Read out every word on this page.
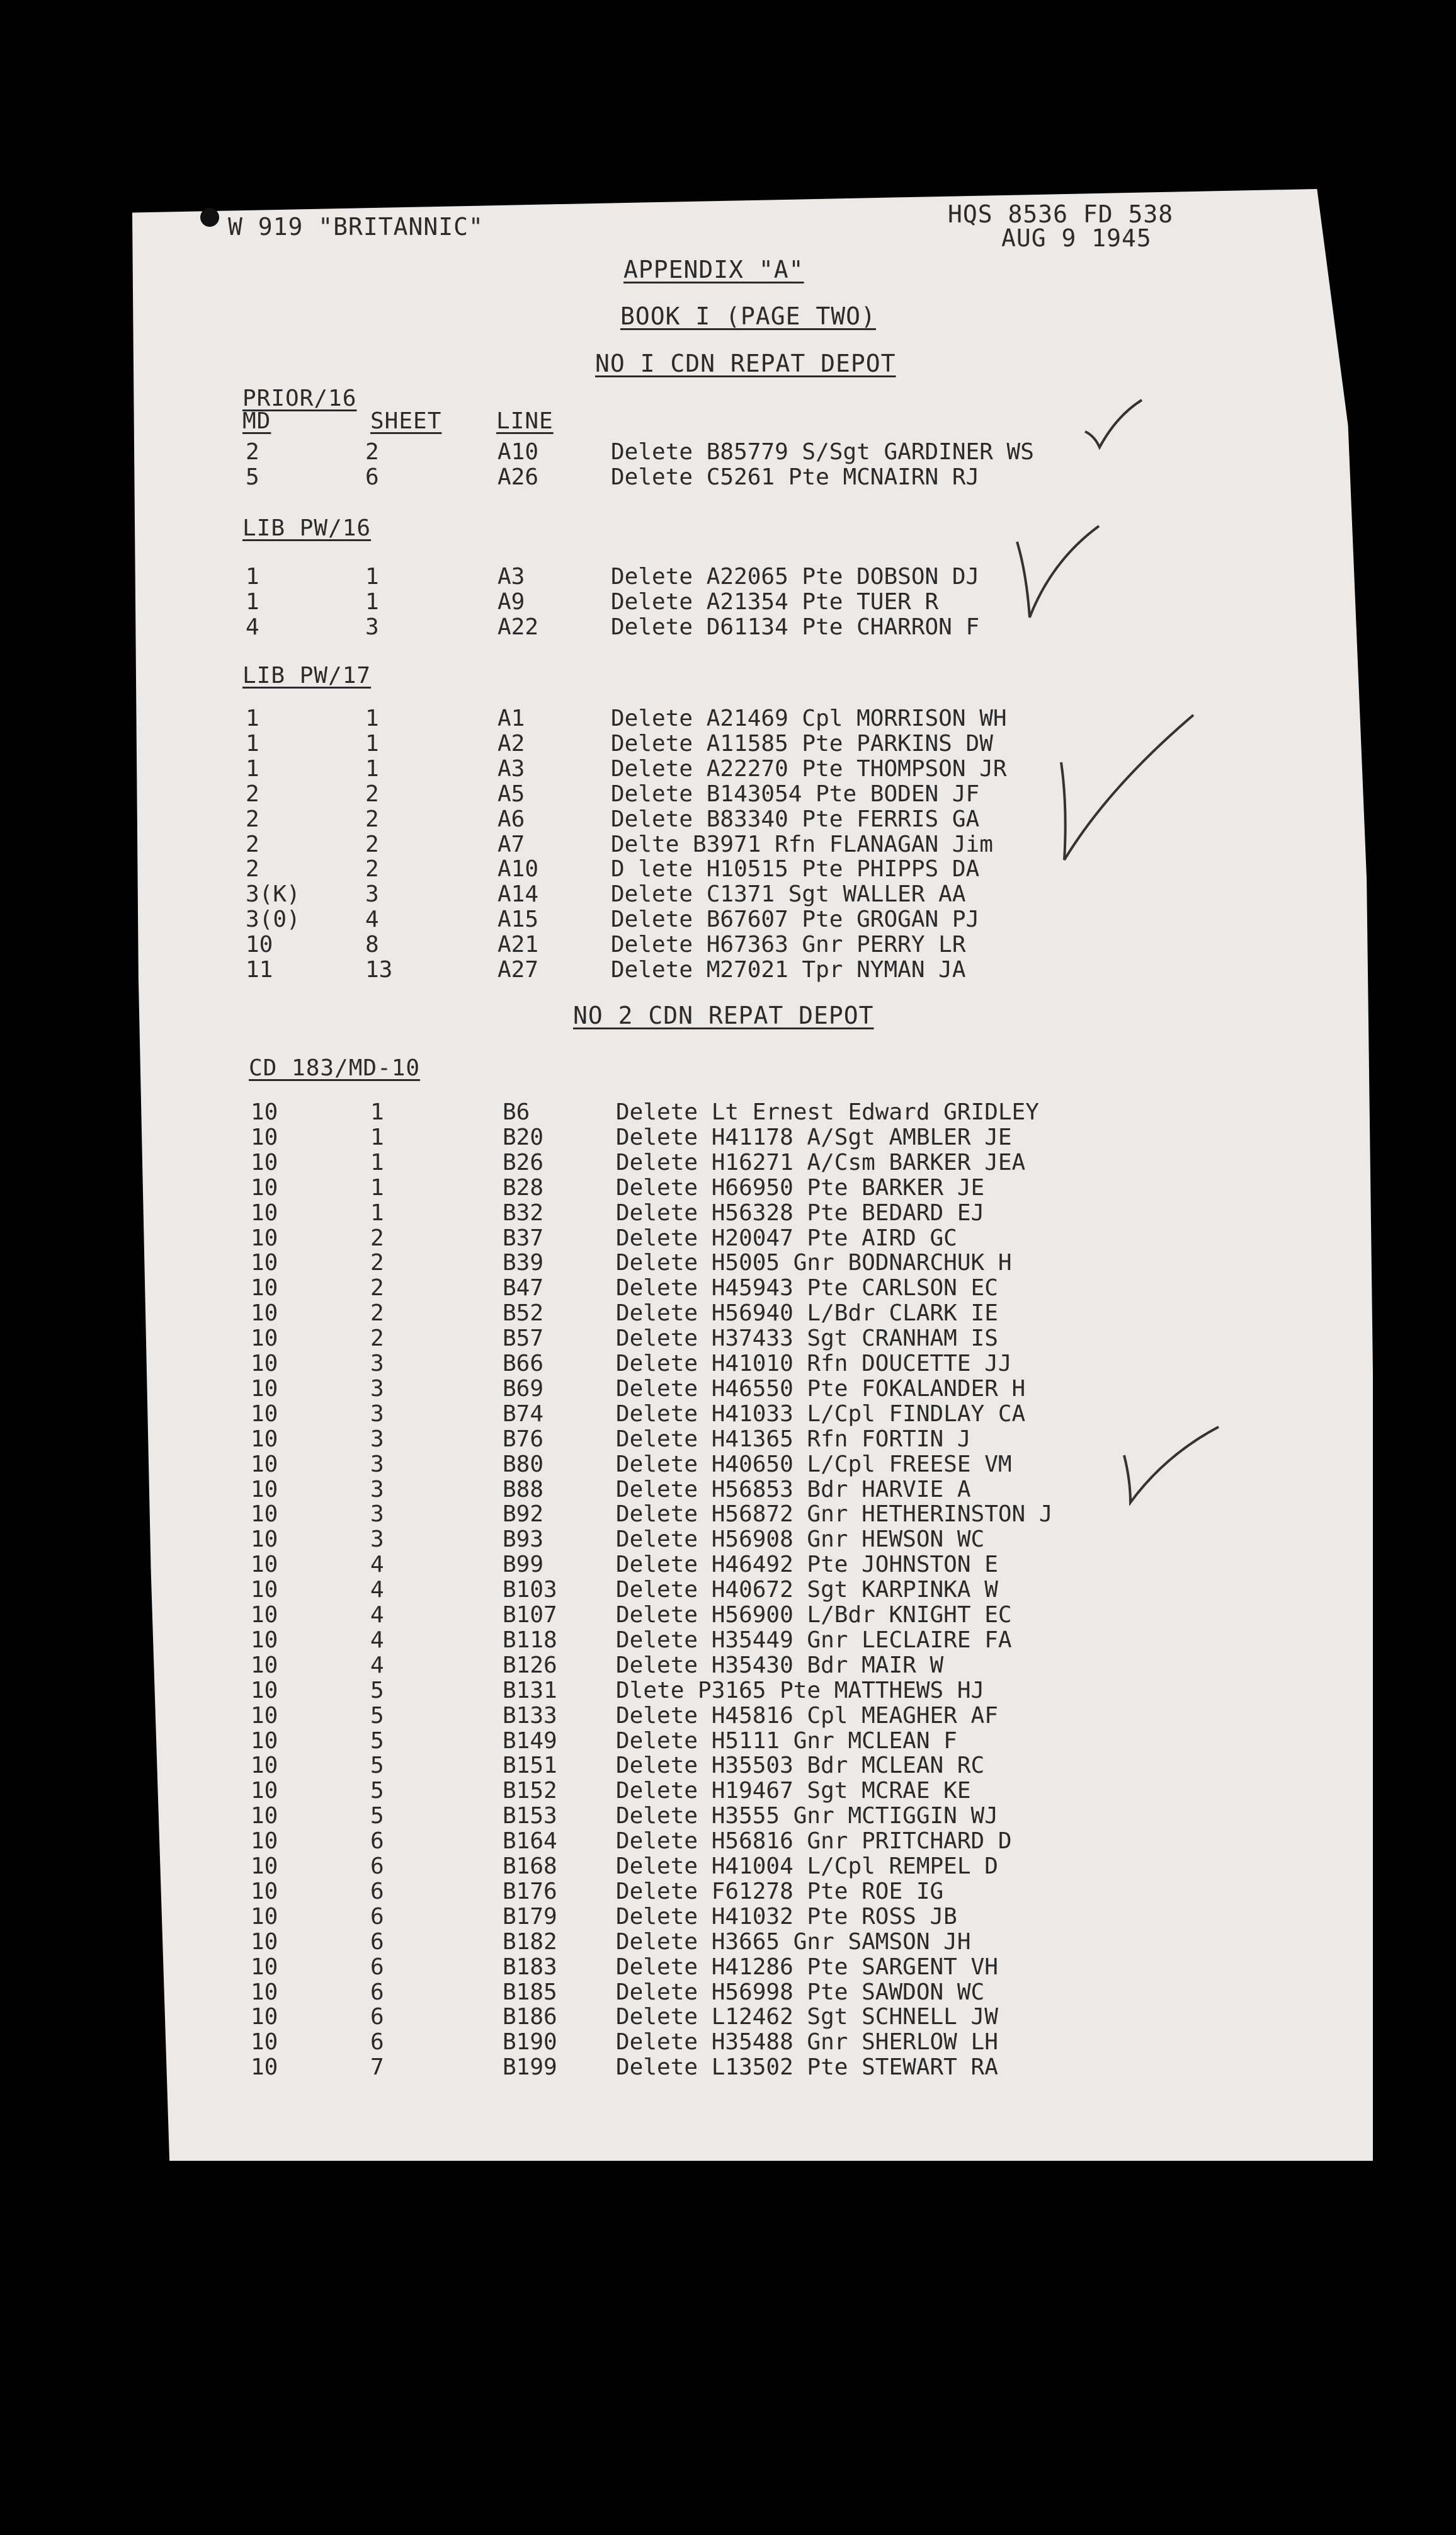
W 919 "BRITANNIC"	HQS 8536 FD 538
AUG 9 1945
APPENDIX "A"
BOOK I (PAGE TWO)
NO I CDN REPAT DEPOT
PRIOR/16
MD	SHEET LINE
2	2	A10	Delete B85779 S/Sgt GARDINER WS
5	6	A26	Delete C5261 Pte MCNAIRN RJ
LIB PW/16
1	1	A3	Delete A22065 Pte DOBSON DJ
1	1	A9	Delete A21354 Pte TUER R
4	3	A22	Delete D61134 Pte CHARRON F
LIB PW/17
1	1	A1	Delete A21469 Cpl MORRISON WH
1	1	A2	Delete A11585 Pte PARKINS DW
1	1	A3	Delete A22270 Pte THOMPSON JR
2	2	A5	Delete B143054 Pte BODEN JF
2	2	A6	Delete B83340 Pte FERRIS GA
2	2	A7	Delte B3971 Rfn FLANAGAN Jim
2	2	A10	D lete H10515 Pte PHIPPS DA
3(K)	3	A14	Delete C1371 Sgt WALLER AA
3(0)	4	A15	Delete B67607 Pte GROGAN PJ
10	8	A21	Delete H67363 Gnr PERRY LR
11	13	A27	Delete M27021 Tpr NYMAN JA
NO 2 CDN REPAT DEPOT
CD 183/MD-10
10	1	B6	Delete Lt Ernest Edward GRIDLEY
10	1	B20	Delete H41178 A/Sgt AMBLER JE
10	1	B26	Delete H16271 A/Csm BARKER JEA
10	1	B28	Delete H66950 Pte BARKER JE
10	1	B32	Delete H56328 Pte BEDARD EJ
10	2	B37	Delete H20047 Pte AIRD GC
10	2	B39	Delete H5005 Gnr BODNARCHUK H
10	2	B47	Delete H45943 Pte CARLSON EC
10	2	B52	Delete H56940 L/Bdr CLARK IE
10	2	B57	Delete H37433 Sgt CRANHAM IS
10	3	B66	Delete H41010 Rfn DOUCETTE JJ
10	3	B69	Delete H46550 Pte FOKALANDER H
10	3	B74	Delete H41033 L/Cpl FINDLAY CA
10	3	B76	Delete H41365 Rfn FORTIN J
10	3	B80	Delete H40650 L/Cpl FREESE VM
10	3	B88	Delete H56853 Bdr HARVIE A
10	3	B92	Delete H56872 Gnr HETHERINSTON J
10	3	B93	Delete H56908 Gnr HEWSON WC
10	4	B99	Delete H46492 Pte JOHNSTON E
10	4	B103	Delete H40672 Sgt KARPINKA W
10	4	B107	Delete H56900 L/Bdr KNIGHT EC
10	4	B118	Delete H35449 Gnr LECLAIRE FA
10	4	B126	Delete H35430 Bdr MAIR W
10	5	B131	Dlete P3165 Pte MATTHEWS HJ
10	5	B133	Delete H45816 Cpl MEAGHER AF
10	5	B149	Delete H5111 Gnr MCLEAN F
10	5	B151	Delete H35503 Bdr MCLEAN RC
10	5	B152	Delete H19467 Sgt MCRAE KE
10	5	B153	Delete H3555 Gnr MCTIGGIN WJ
10	6	B164	Delete H56816 Gnr PRITCHARD D
10	6	B168	Delete H41004 L/Cpl REMPEL D
10	6	B176	Delete F61278 Pte ROE IG
10	6	B179	Delete H41032 Pte ROSS JB
10	6	B182	Delete H3665 Gnr SAMSON JH
10	6	B183	Delete H41286 Pte SARGENT VH
10	6	B185	Delete H56998 Pte SAWDON WC
10	6	B186	Delete L12462 Sgt SCHNELL JW
10	6	B190	Delete H35488 Gnr SHERLOW LH
10	7	B199	Delete L13502 Pte STEWART RA
